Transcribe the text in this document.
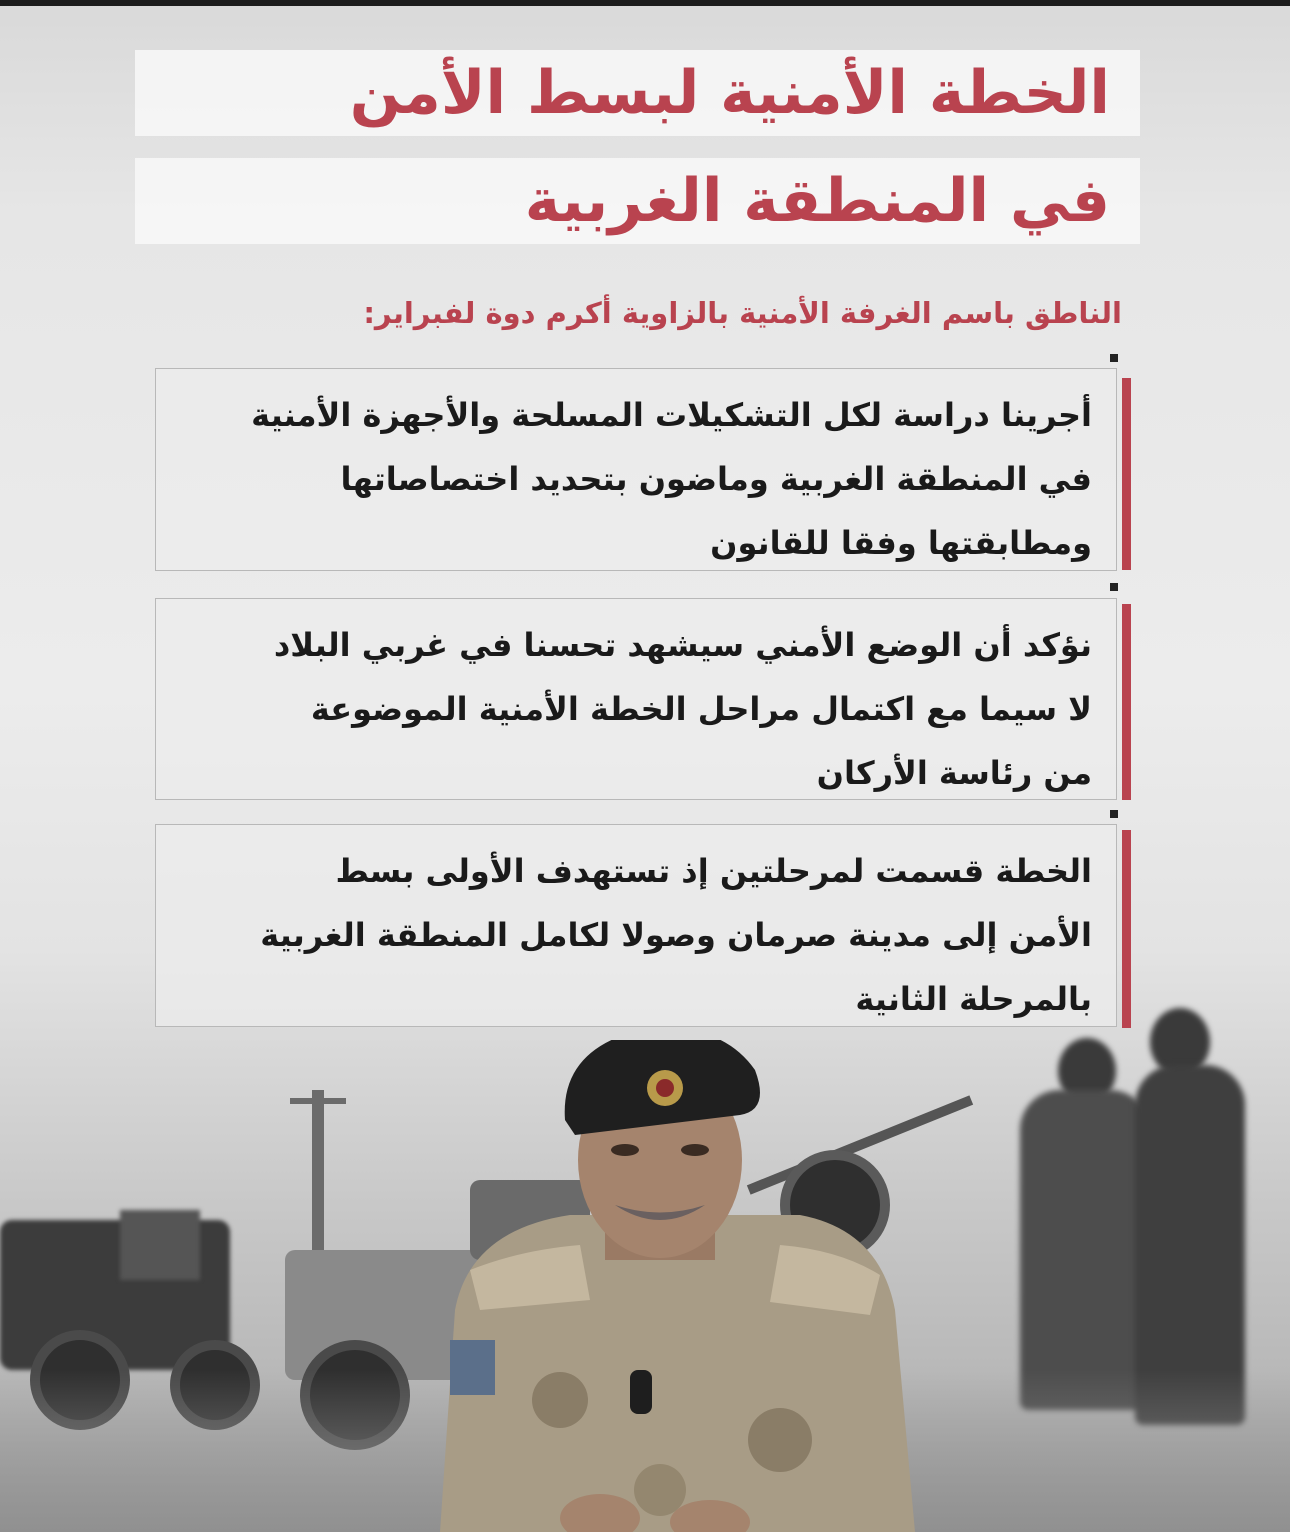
الخطة الأمنية لبسط الأمن
في المنطقة الغربية
الناطق باسم الغرفة الأمنية بالزاوية أكرم دوة لفبراير:
أجرينا دراسة لكل التشكيلات المسلحة والأجهزة الأمنية
في المنطقة الغربية وماضون بتحديد اختصاصاتها
ومطابقتها وفقا للقانون
نؤكد أن الوضع الأمني سيشهد تحسنا في غربي البلاد
لا سيما مع اكتمال مراحل الخطة الأمنية الموضوعة
من رئاسة الأركان
الخطة قسمت لمرحلتين إذ تستهدف الأولى بسط
الأمن إلى مدينة صرمان وصولا لكامل المنطقة الغربية
بالمرحلة الثانية
